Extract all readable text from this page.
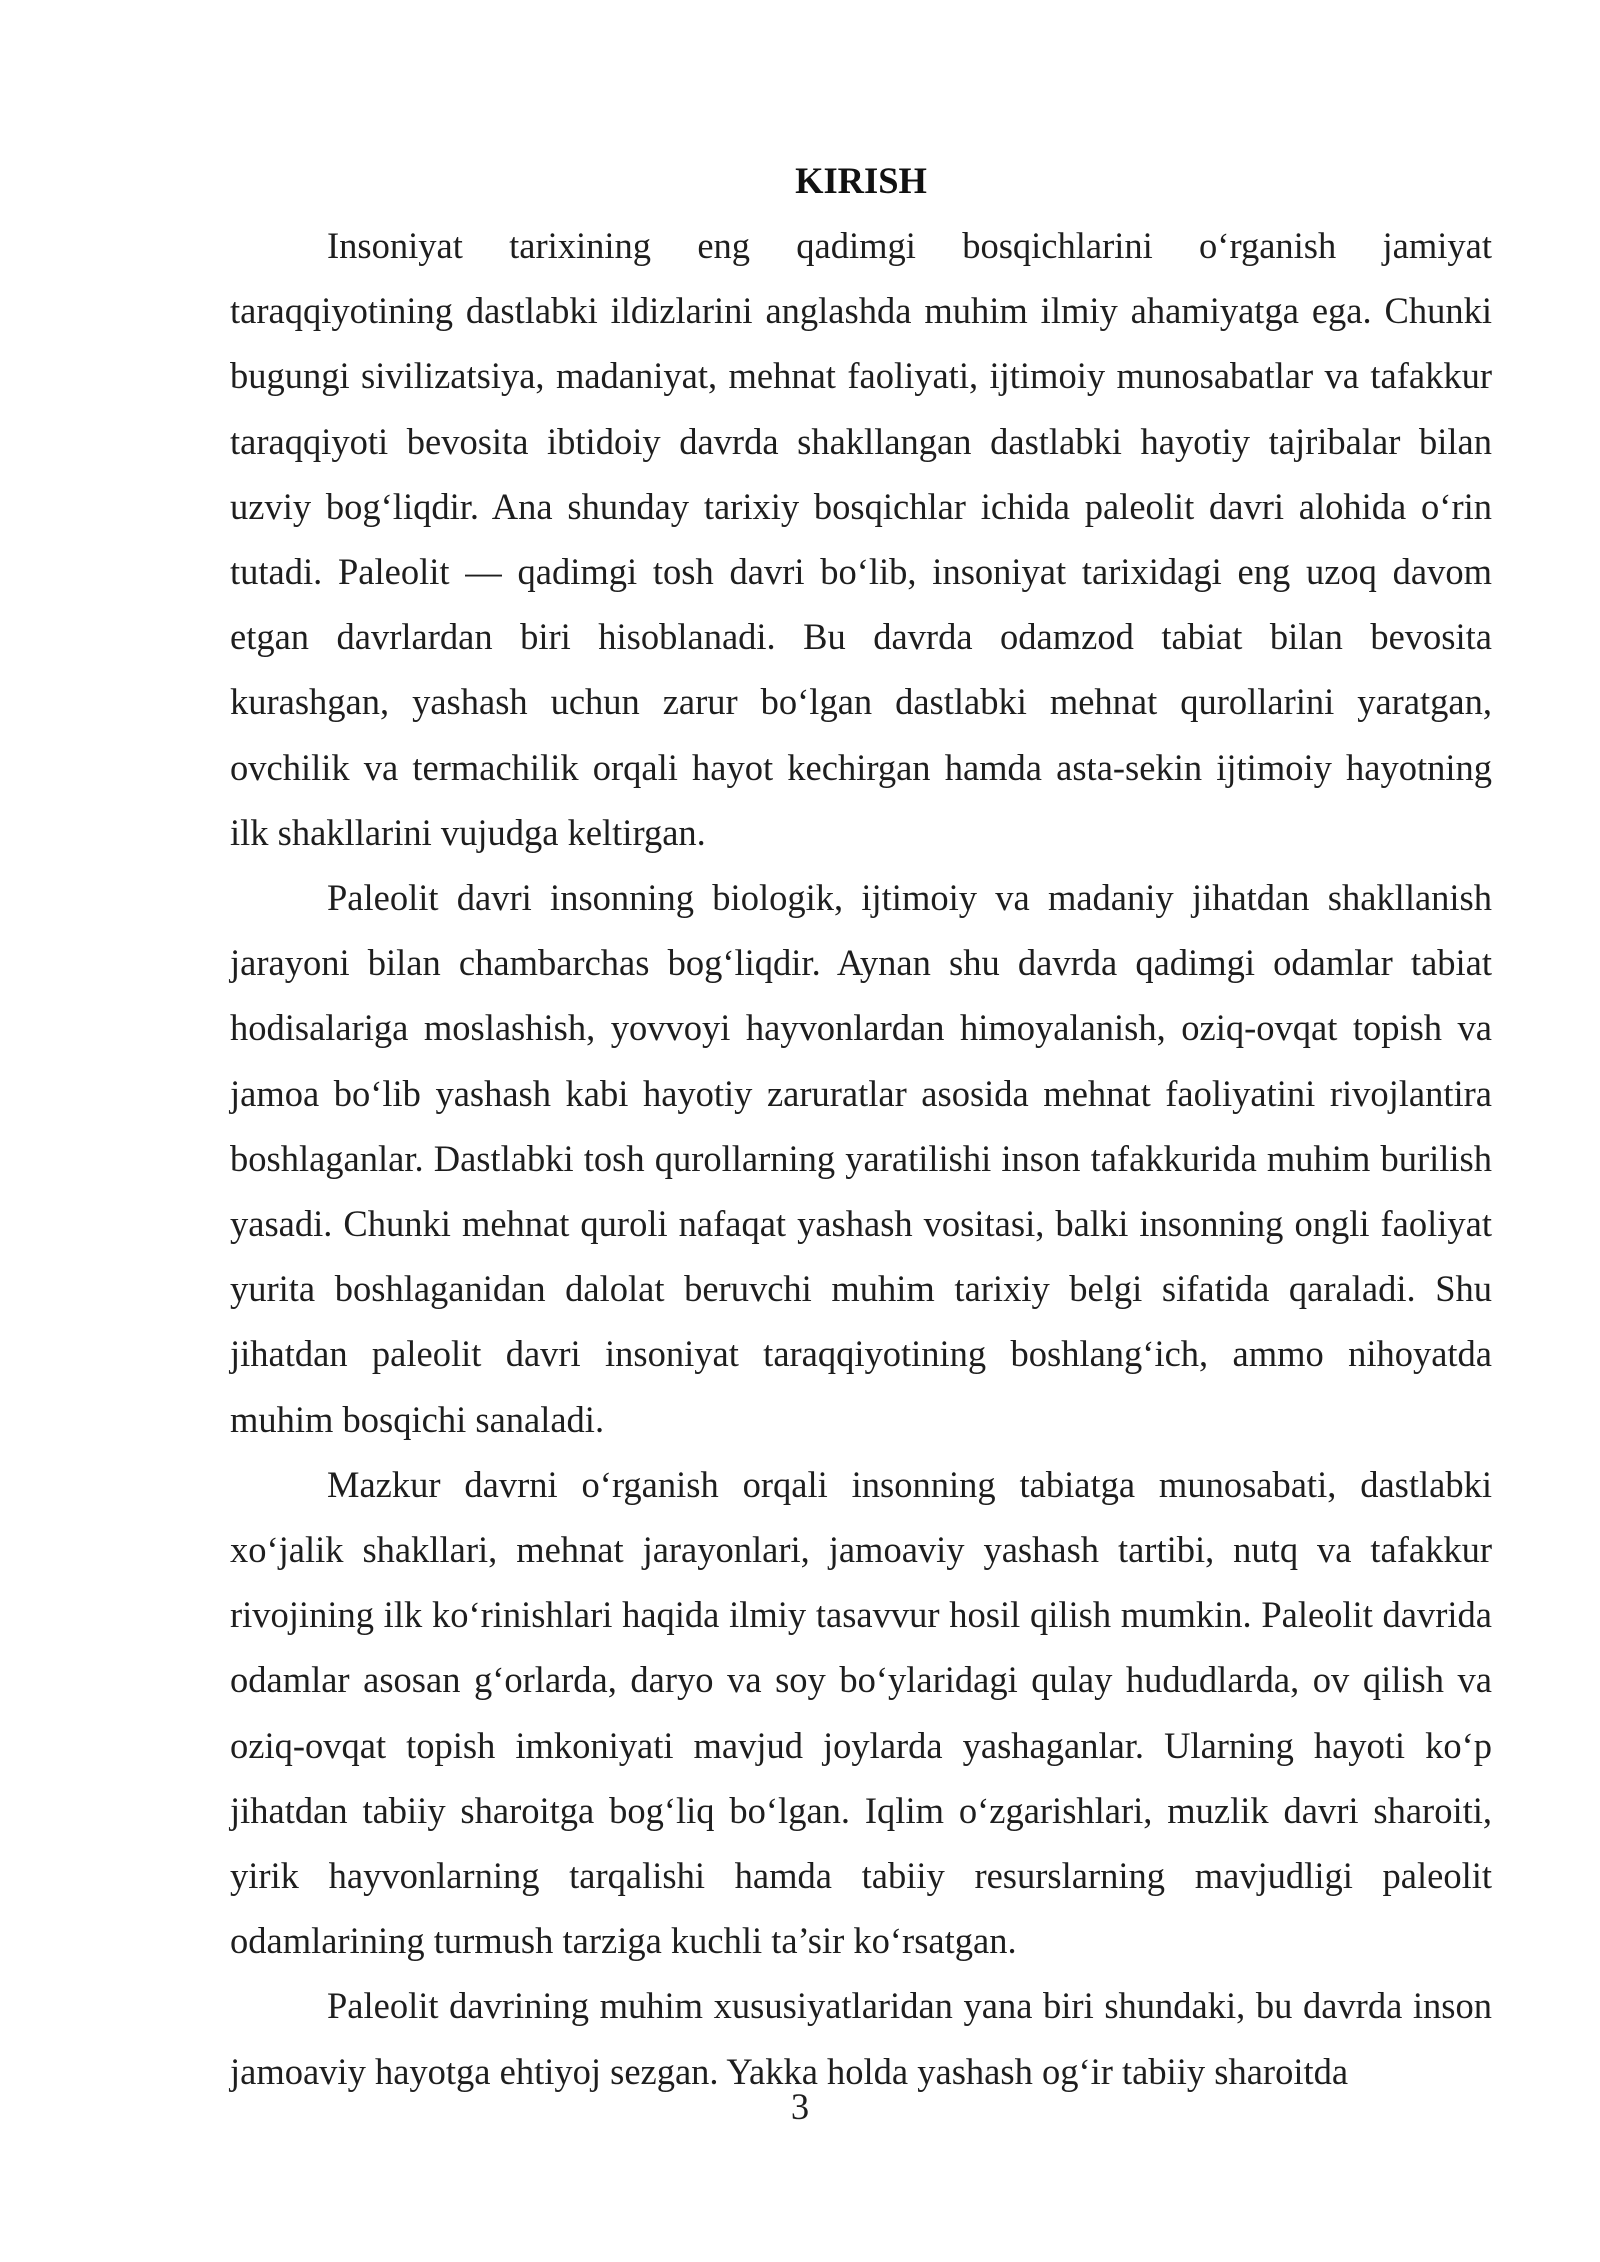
KIRISH

Insoniyat tarixining eng qadimgi bosqichlarini o‘rganish jamiyat taraqqiyotining dastlabki ildizlarini anglashda muhim ilmiy ahamiyatga ega. Chunki bugungi sivilizatsiya, madaniyat, mehnat faoliyati, ijtimoiy munosabatlar va tafakkur taraqqiyoti bevosita ibtidoiy davrda shakllangan dastlabki hayotiy tajribalar bilan uzviy bog‘liqdir. Ana shunday tarixiy bosqichlar ichida paleolit davri alohida o‘rin tutadi. Paleolit — qadimgi tosh davri bo‘lib, insoniyat tarixidagi eng uzoq davom etgan davrlardan biri hisoblanadi. Bu davrda odamzod tabiat bilan bevosita kurashgan, yashash uchun zarur bo‘lgan dastlabki mehnat qurollarini yaratgan, ovchilik va termachilik orqali hayot kechirgan hamda asta-sekin ijtimoiy hayotning ilk shakllarini vujudga keltirgan.

Paleolit davri insonning biologik, ijtimoiy va madaniy jihatdan shakllanish jarayoni bilan chambarchas bog‘liqdir. Aynan shu davrda qadimgi odamlar tabiat hodisalariga moslashish, yovvoyi hayvonlardan himoyalanish, oziq-ovqat topish va jamoa bo‘lib yashash kabi hayotiy zaruratlar asosida mehnat faoliyatini rivojlantira boshlaganlar. Dastlabki tosh qurollarning yaratilishi inson tafakkurida muhim burilish yasadi. Chunki mehnat quroli nafaqat yashash vositasi, balki insonning ongli faoliyat yurita boshlaganidan dalolat beruvchi muhim tarixiy belgi sifatida qaraladi. Shu jihatdan paleolit davri insoniyat taraqqiyotining boshlang‘ich, ammo nihoyatda muhim bosqichi sanaladi.

Mazkur davrni o‘rganish orqali insonning tabiatga munosabati, dastlabki xo‘jalik shakllari, mehnat jarayonlari, jamoaviy yashash tartibi, nutq va tafakkur rivojining ilk ko‘rinishlari haqida ilmiy tasavvur hosil qilish mumkin. Paleolit davrida odamlar asosan g‘orlarda, daryo va soy bo‘ylaridagi qulay hududlarda, ov qilish va oziq-ovqat topish imkoniyati mavjud joylarda yashaganlar. Ularning hayoti ko‘p jihatdan tabiiy sharoitga bog‘liq bo‘lgan. Iqlim o‘zgarishlari, muzlik davri sharoiti, yirik hayvonlarning tarqalishi hamda tabiiy resurslarning mavjudligi paleolit odamlarining turmush tarziga kuchli ta’sir ko‘rsatgan.

Paleolit davrining muhim xususiyatlaridan yana biri shundaki, bu davrda inson jamoaviy hayotga ehtiyoj sezgan. Yakka holda yashash og‘ir tabiiy sharoitda

3
